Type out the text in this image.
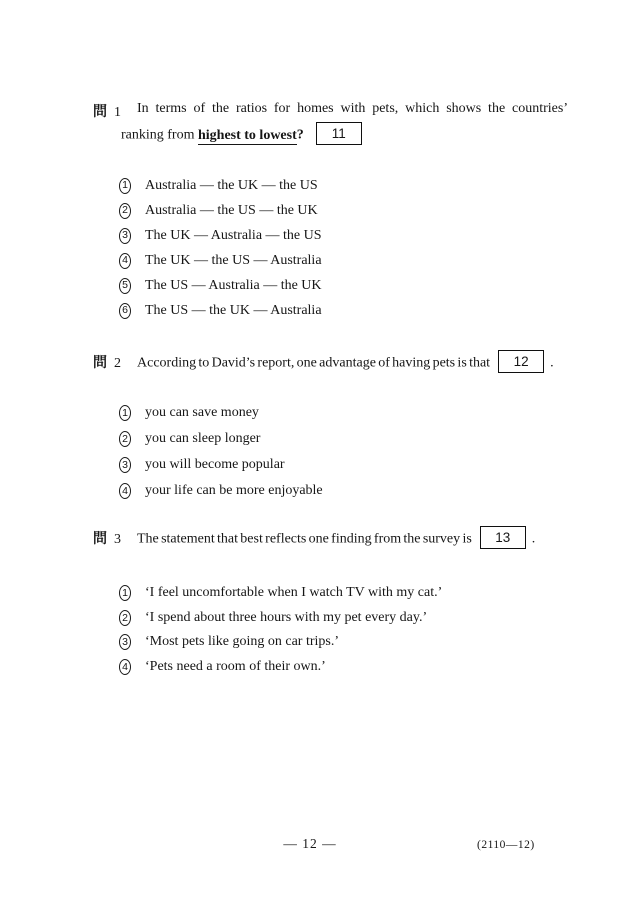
問 1	In terms of the ratios for homes with pets, which shows the countries’
ranking from highest to lowest? 11
1 Australia — the UK — the US
2 Australia — the US — the UK
3 The UK — Australia — the US
4 The UK — the US — Australia
5 The US — Australia — the UK
6 The US — the UK — Australia
問 2 According to David’s report, one advantage of having pets is that 12 .
1 you can save money
2 you can sleep longer
3 you will become popular
4 your life can be more enjoyable
問 3 The statement that best reflects one finding from the survey is 13 .
1 ‘I feel uncomfortable when I watch TV with my cat.’
2 ‘I spend about three hours with my pet every day.’
3 ‘Most pets like going on car trips.’
4 ‘Pets need a room of their own.’
— 12 —	(2110—12)
